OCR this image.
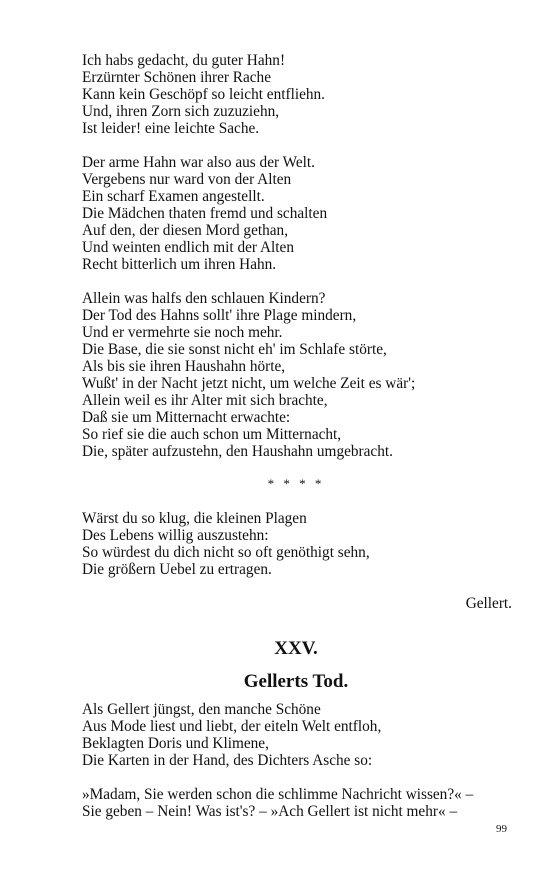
Ich habs gedacht, du guter Hahn!
Erzürnter Schönen ihrer Rache
Kann kein Geschöpf so leicht entfliehn.
Und, ihren Zorn sich zuzuziehn,
Ist leider! eine leichte Sache.
Der arme Hahn war also aus der Welt.
Vergebens nur ward von der Alten
Ein scharf Examen angestellt.
Die Mädchen thaten fremd und schalten
Auf den, der diesen Mord gethan,
Und weinten endlich mit der Alten
Recht bitterlich um ihren Hahn.
Allein was halfs den schlauen Kindern?
Der Tod des Hahns sollt' ihre Plage mindern,
Und er vermehrte sie noch mehr.
Die Base, die sie sonst nicht eh' im Schlafe störte,
Als bis sie ihren Haushahn hörte,
Wußt' in der Nacht jetzt nicht, um welche Zeit es wär';
Allein weil es ihr Alter mit sich brachte,
Daß sie um Mitternacht erwachte:
So rief sie die auch schon um Mitternacht,
Die, später aufzustehn, den Haushahn umgebracht.
* * * *
Wärst du so klug, die kleinen Plagen
Des Lebens willig auszustehn:
So würdest du dich nicht so oft genöthigt sehn,
Die größern Uebel zu ertragen.
Gellert.
XXV.
Gellerts Tod.
Als Gellert jüngst, den manche Schöne
Aus Mode liest und liebt, der eiteln Welt entfloh,
Beklagten Doris und Klimene,
Die Karten in der Hand, des Dichters Asche so:
»Madam, Sie werden schon die schlimme Nachricht wissen?« –
Sie geben – Nein! Was ist's? – »Ach Gellert ist nicht mehr« –
99
